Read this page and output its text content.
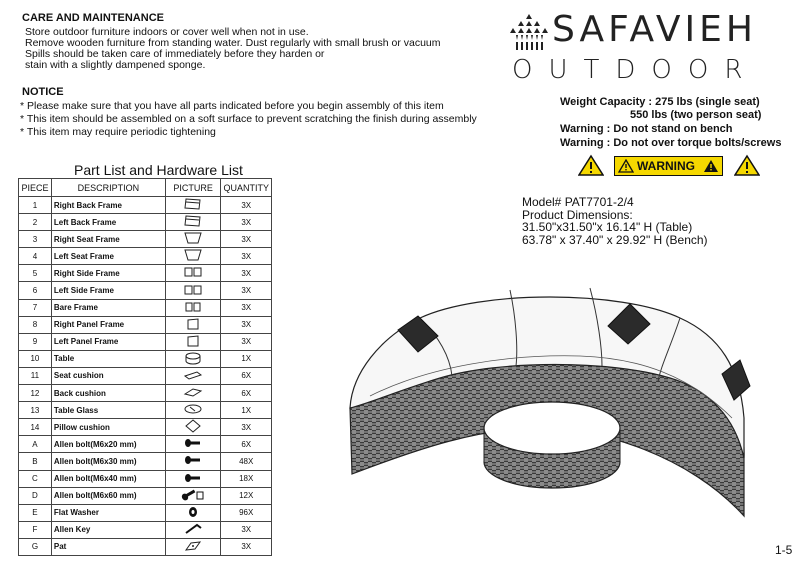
CARE AND MAINTENANCE
Store outdoor furniture indoors or cover well when not in use.
Remove wooden furniture from standing water. Dust regularly with small brush or vacuum
Spills should be taken care of immediately before they harden or
stain with a slightly dampened sponge.
NOTICE
* Please make sure that you have all parts indicated before you begin assembly of this item
* This item should be assembled on a soft surface to prevent scratching the finish during assembly
* This item may require periodic tightening
SAFAVIEH
OUTDOOR
Weight Capacity : 275 lbs (single seat)
550 lbs (two person seat)
Warning : Do not stand on bench
Warning : Do not over torque bolts/screws
WARNING
Model# PAT7701-2/4
Product Dimensions:
31.50"x31.50"x 16.14" H (Table)
63.78" x 37.40" x 29.92" H (Bench)
Part List and Hardware List
PIECE	DESCRIPTION	PICTURE	QUANTITY
1	Right Back Frame		3X
2	Left Back Frame		3X
3	Right Seat Frame		3X
4	Left Seat Frame		3X
5	Right Side Frame		3X
6	Left Side Frame		3X
7	Bare Frame		3X
8	Right Panel Frame		3X
9	Left Panel Frame		3X
10	Table		1X
11	Seat cushion		6X
12	Back cushion		6X
13	Table Glass		1X
14	Pillow cushion		3X
A	Allen bolt(M6x20 mm)		6X
B	Allen bolt(M6x30 mm)		48X
C	Allen bolt(M6x40 mm)		18X
D	Allen bolt(M6x60 mm)		12X
E	Flat Washer		96X
F	Allen Key		3X
G	Pat		3X	1-5
